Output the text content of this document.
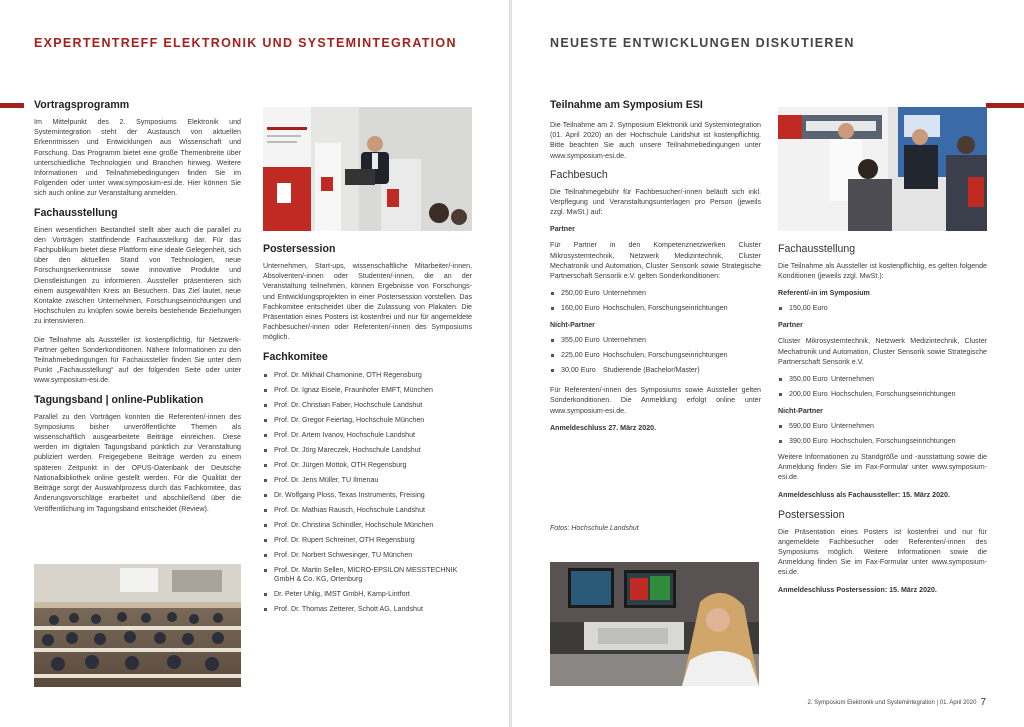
EXPERTENTREFF ELEKTRONIK UND SYSTEMINTEGRATION
Vortragsprogramm
Im Mittelpunkt des 2. Symposiums Elektronik und Systemintegration steht der Austausch von aktuellen Erkenntnissen und Entwicklungen aus Wissenschaft und Forschung. Das Programm bietet eine große Themenbreite über unterschiedliche Technologien und Branchen hinweg. Weitere Informationen und Teilnahmebedingungen finden Sie im Folgenden oder unter www.symposium-esi.de. Hier können Sie sich auch online zur Veranstaltung anmelden.
Fachausstellung
Einen wesentlichen Bestandteil stellt aber auch die parallel zu den Vorträgen stattfindende Fachausstellung dar. Für das Fachpublikum bietet diese Plattform eine ideale Gelegenheit, sich über den aktuellen Stand von Technologien, neue Forschungserkenntnisse sowie innovative Produkte und Dienstleistungen zu informieren. Aussteller präsentieren sich einem ausgewählten Kreis an Besuchern. Das Ziel lautet, neue Kontakte zwischen Unternehmen, Forschungseinrichtungen und Hochschulen zu knüpfen sowie bereits bestehende Beziehungen zu intensivieren.
Die Teilnahme als Aussteller ist kostenpflichtig, für Netzwerk-Partner gelten Sonderkonditionen. Nähere Informationen zu den Teilnahmebedingungen für Fachaussteller finden Sie unter dem Punkt „Fachausstellung“ auf der folgenden Seite oder unter www.symposium-esi.de.
Tagungsband | online-Publikation
Parallel zu den Vorträgen konnten die Referenten/-innen des Symposiums bisher unveröffentlichte Themen als wissenschaftlich ausgearbeitete Beiträge einreichen. Diese werden im digitalen Tagungsband pünktlich zur Veranstaltung publiziert werden. Freigegebene Beiträge werden zu einem späteren Zeitpunkt in der OPUS-Datenbank der Deutsche Nationalbibliothek online gestellt werden. Für die Qualität der Beiträge sorgt der Auswahlprozess durch das Fachkomitee, das Änderungsvorschläge erarbeitet und abschließend über die Veröffentlichung im Tagungsband entscheidet (Review).
Postersession
Unternehmen, Start-ups, wissenschaftliche Mitarbeiter/-innen, Absolventen/-innen oder Studenten/-innen, die an der Veranstaltung teilnehmen, können Ergebnisse von Forschungs- und Entwicklungsprojekten in einer Postersession vorstellen. Das Fachkomitee entscheidet über die Zulassung von Plakaten. Die Präsentation eines Posters ist kostenfrei und nur für angemeldete Fachbesucher/-innen oder Referenten/-innen des Symposiums möglich.
Fachkomitee
Prof. Dr. Mikhail Chamonine, OTH Regensburg
Prof. Dr. Ignaz Eisele, Fraunhofer EMFT, München
Prof. Dr. Christian Faber, Hochschule Landshut
Prof. Dr. Gregor Feiertag, Hochschule München
Prof. Dr. Artem Ivanov, Hochschule Landshut
Prof. Dr. Jörg Mareczek, Hochschule Landshut
Prof. Dr. Jürgen Mottok, OTH Regensburg
Prof. Dr. Jens Müller, TU Ilmenau
Dr. Wolfgang Ploss, Texas Instruments, Freising
Prof. Dr. Mathias Rausch, Hochschule Landshut
Prof. Dr. Christina Schindler, Hochschule München
Prof. Dr. Rupert Schreiner, OTH Regensburg
Prof. Dr. Norbert Schwesinger, TU München
Prof. Dr. Martin Sellen, MICRO-EPSILON MESSTECHNIK GmbH & Co. KG, Ortenburg
Dr. Peter Uhlig, IMST GmbH, Kamp-Lintfort
Prof. Dr. Thomas Zetterer, Schott AG, Landshut
NEUESTE ENTWICKLUNGEN DISKUTIEREN
Teilnahme am Symposium ESI
Die Teilnahme am 2. Symposium Elektronik und Systemintegration (01. April 2020) an der Hochschule Landshut ist kostenpflichtig. Bitte beachten Sie auch unsere Teilnahmebedingungen unter www.symposium-esi.de.
Fachbesuch
Die Teilnahmegebühr für Fachbesucher/-innen beläuft sich inkl. Verpflegung und Veranstaltungsunterlagen pro Person (jeweils zzgl. MwSt.) auf:
Partner
Für Partner in den Kompetenznetzwerken Cluster Mikrosystemtechnik, Netzwerk Medizintechnik, Cluster Mechatronik und Automation, Cluster Sensorik sowie Strategische Partnerschaft Sensorik e.V. gelten Sonderkonditionen:
250,00 Euro Unternehmen
160,00 Euro Hochschulen, Forschungseinrichtungen
Nicht-Partner
355,00 Euro Unternehmen
225,00 Euro Hochschulen, Forschungseinrichtungen
30,00 Euro Studierende (Bachelor/Master)
Für Referenten/-innen des Symposiums sowie Aussteller gelten Sonderkonditionen. Die Anmeldung erfolgt online unter www.symposium-esi.de.
Anmeldeschluss 27. März 2020.
Fotos: Hochschule Landshut
Fachausstellung
Die Teilnahme als Aussteller ist kostenpflichtig, es gelten folgende Konditionen (jeweils zzgl. MwSt.):
Referent/-in im Symposium
150,00 Euro
Partner
Cluster Mikrosystemtechnik, Netzwerk Medizintechnik, Cluster Mechatronik und Automation, Cluster Sensorik sowie Strategische Partnerschaft Sensorik e.V.
350,00 Euro Unternehmen
200,00 Euro Hochschulen, Forschungseinrichtungen
Nicht-Partner
590,00 Euro Unternehmen
390,00 Euro Hochschulen, Forschungseinrichtungen
Weitere Informationen zu Standgröße und -ausstattung sowie die Anmeldung finden Sie im Fax-Formular unter www.symposium-esi.de.
Anmeldeschluss als Fachaussteller: 15. März 2020.
Postersession
Die Präsentation eines Posters ist kostenfrei und nur für angemeldete Fachbesucher oder Referenten/-innen des Symposiums möglich. Weitere Informationen sowie die Anmeldung finden Sie im Fax-Formular unter www.symposium-esi.de.
Anmeldeschluss Postersession: 15. März 2020.
2. Symposium Elektronik und Systemintegration | 01. April 2020 7
